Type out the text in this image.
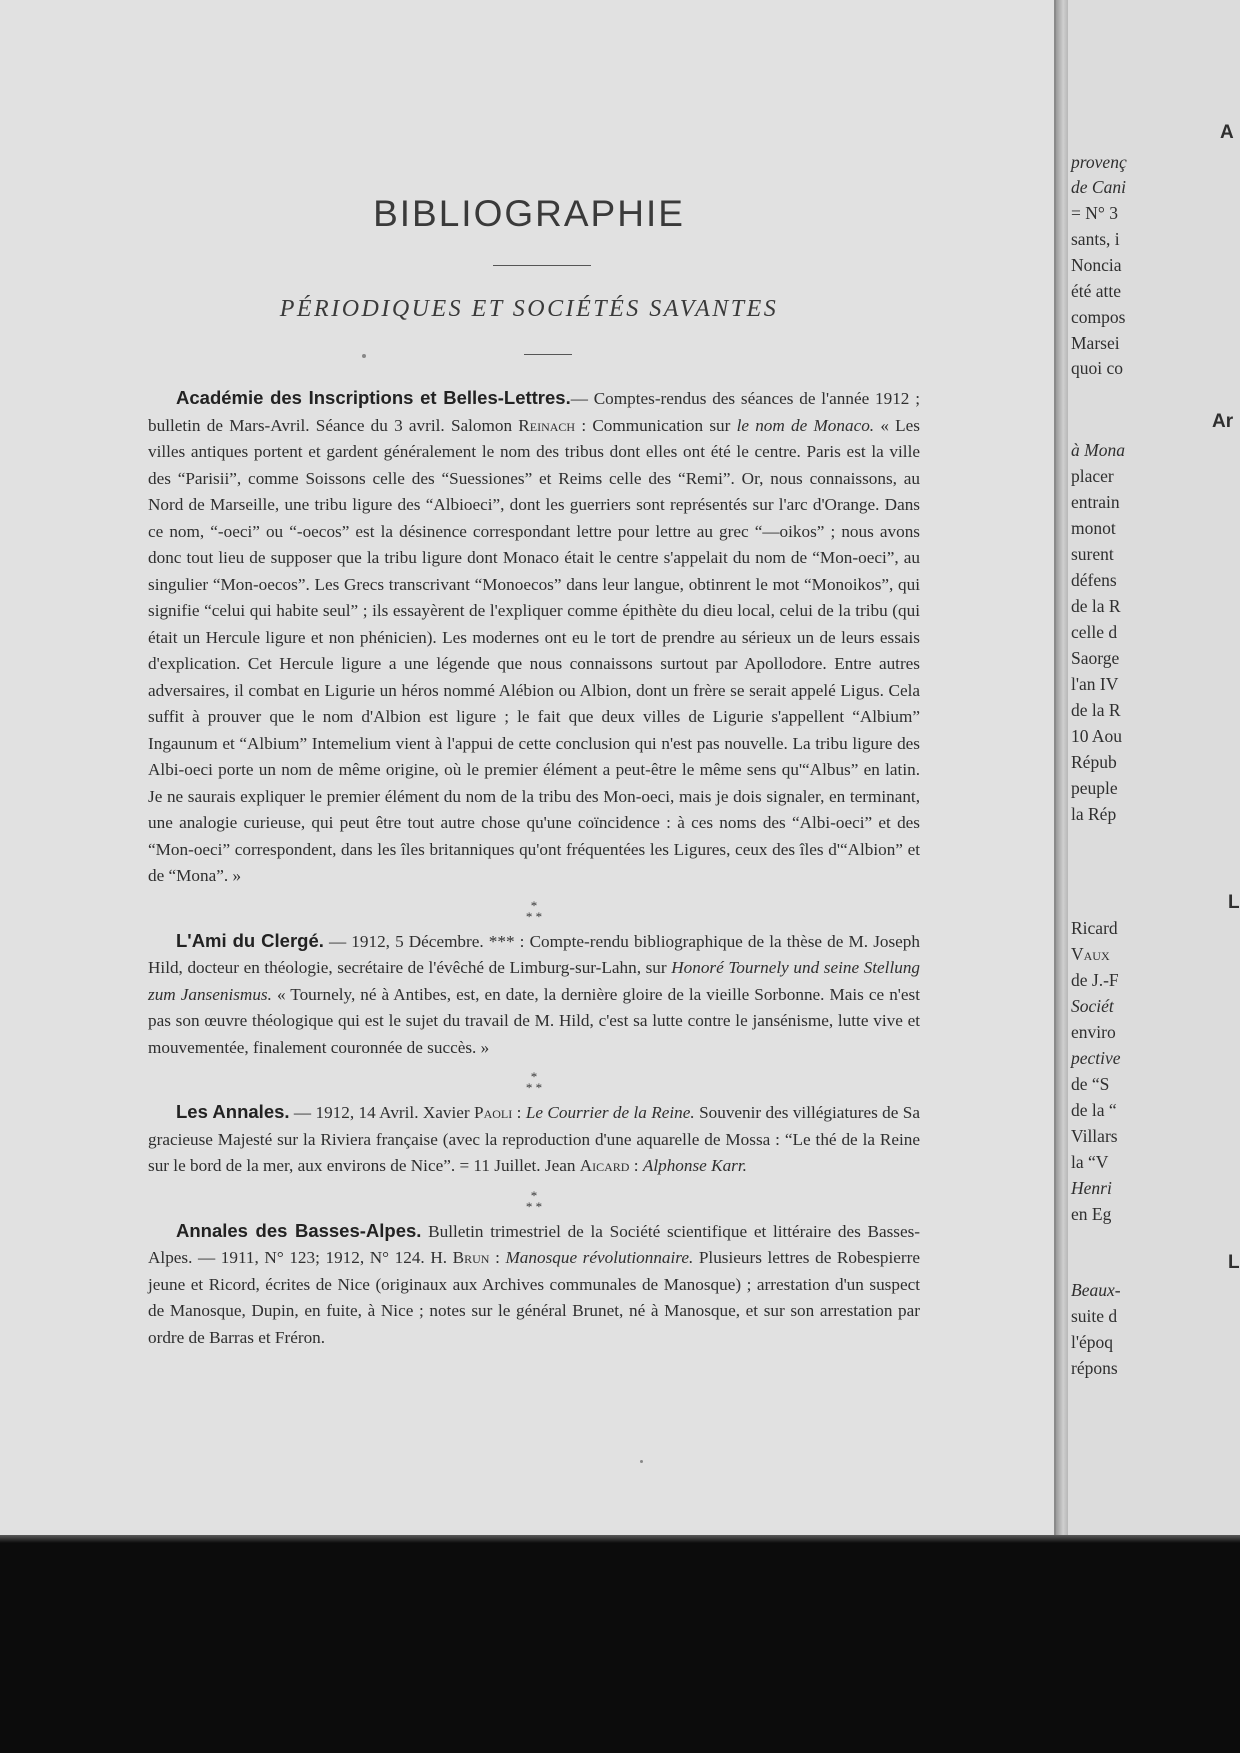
BIBLIOGRAPHIE
PÉRIODIQUES ET SOCIÉTÉS SAVANTES

Académie des Inscriptions et Belles-Lettres.— Comptes-rendus des séances de l'année 1912 ; bulletin de Mars-Avril. Séance du 3 avril. Salomon Reinach : Communication sur le nom de Monaco. « Les villes antiques portent et gardent généralement le nom des tribus dont elles ont été le centre. Paris est la ville des “Parisii”, comme Soissons celle des “Suessiones” et Reims celle des “Remi”. Or, nous connaissons, au Nord de Marseille, une tribu ligure des “Albioeci”, dont les guerriers sont représentés sur l'arc d'Orange. Dans ce nom, “-oeci” ou “-oecos” est la désinence correspondant lettre pour lettre au grec “—oikos” ; nous avons donc tout lieu de supposer que la tribu ligure dont Monaco était le centre s'appelait du nom de “Mon-oeci”, au singulier “Mon-oecos”. Les Grecs transcrivant “Monoecos” dans leur langue, obtinrent le mot “Monoikos”, qui signifie “celui qui habite seul” ; ils essayèrent de l'expliquer comme épithète du dieu local, celui de la tribu (qui était un Hercule ligure et non phénicien). Les modernes ont eu le tort de prendre au sérieux un de leurs essais d'explication. Cet Hercule ligure a une légende que nous connaissons surtout par Apollodore. Entre autres adversaires, il combat en Ligurie un héros nommé Alébion ou Albion, dont un frère se serait appelé Ligus. Cela suffit à prouver que le nom d'Albion est ligure ; le fait que deux villes de Ligurie s'appellent “Albium” Ingaunum et “Albium” Intemelium vient à l'appui de cette conclusion qui n'est pas nouvelle. La tribu ligure des Albi-oeci porte un nom de même origine, où le premier élément a peut-être le même sens qu'“Albus” en latin. Je ne saurais expliquer le premier élément du nom de la tribu des Mon-oeci, mais je dois signaler, en terminant, une analogie curieuse, qui peut être tout autre chose qu'une coïncidence : à ces noms des “Albi-oeci” et des “Mon-oeci” correspondent, dans les îles britanniques qu'ont fréquentées les Ligures, ceux des îles d'“Albion” et de “Mona”. »

*
* *

L'Ami du Clergé. — 1912, 5 Décembre. *** : Compte-rendu bibliographique de la thèse de M. Joseph Hild, docteur en théologie, secrétaire de l'évêché de Limburg-sur-Lahn, sur Honoré Tournely und seine Stellung zum Jansenismus. « Tournely, né à Antibes, est, en date, la dernière gloire de la vieille Sorbonne. Mais ce n'est pas son œuvre théologique qui est le sujet du travail de M. Hild, c'est sa lutte contre le jansénisme, lutte vive et mouvementée, finalement couronnée de succès. »

*
* *

Les Annales. — 1912, 14 Avril. Xavier Paoli : Le Courrier de la Reine. Souvenir des villégiatures de Sa gracieuse Majesté sur la Riviera française (avec la reproduction d'une aquarelle de Mossa : “Le thé de la Reine sur le bord de la mer, aux environs de Nice”. = 11 Juillet. Jean Aicard : Alphonse Karr.

*
* *

Annales des Basses-Alpes. Bulletin trimestriel de la Société scientifique et littéraire des Basses-Alpes. — 1911, N° 123; 1912, N° 124. H. Brun : Manosque révolutionnaire. Plusieurs lettres de Robespierre jeune et Ricord, écrites de Nice (originaux aux Archives communales de Manosque) ; arrestation d'un suspect de Manosque, Dupin, en fuite, à Nice ; notes sur le général Brunet, né à Manosque, et sur son arrestation par ordre de Barras et Fréron.

A
provenç
de Cani
= N° 3
sants, i
Noncia
été atte
compos
Marsei
quoi co
Ar
à Mona
placer
entrain
monot
surent
défens
de la R
celle d
Saorge
l'an IV
de la R
10 Aou
Répub
peuple
la Rép
L
Ricard
Vaux
de J.-F
Sociét
enviro
pective
de “S
de la “
Villars
la “V
Henri
en Eg
L
Beaux-
suite d
l'époq
répons
